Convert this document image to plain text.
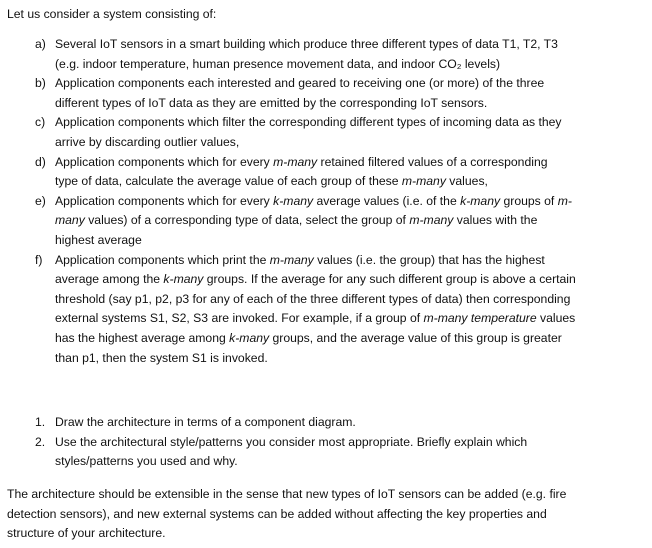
Let us consider a system consisting of:
a) Several IoT sensors in a smart building which produce three different types of data T1, T2, T3
(e.g. indoor temperature, human presence movement data, and indoor CO₂ levels)
b) Application components each interested and geared to receiving one (or more) of the three
different types of IoT data as they are emitted by the corresponding IoT sensors.
c) Application components which filter the corresponding different types of incoming data as they
arrive by discarding outlier values,
d) Application components which for every m-many retained filtered values of a corresponding
type of data, calculate the average value of each group of these m-many values,
e) Application components which for every k-many average values (i.e. of the k-many groups of m-
many values) of a corresponding type of data, select the group of m-many values with the
highest average
f)	Application components which print the m-many values (i.e. the group) that has the highest
average among the k-many groups. If the average for any such different group is above a certain
threshold (say p1, p2, p3 for any of each of the three different types of data) then corresponding
external systems S1, S2, S3 are invoked. For example, if a group of m-many temperature values
has the highest average among k-many groups, and the average value of this group is greater
than p1, then the system S1 is invoked.
1. Draw the architecture in terms of a component diagram.
2. Use the architectural style/patterns you consider most appropriate. Briefly explain which
styles/patterns you used and why.
The architecture should be extensible in the sense that new types of IoT sensors can be added (e.g. fire
detection sensors), and new external systems can be added without affecting the key properties and
structure of your architecture.
